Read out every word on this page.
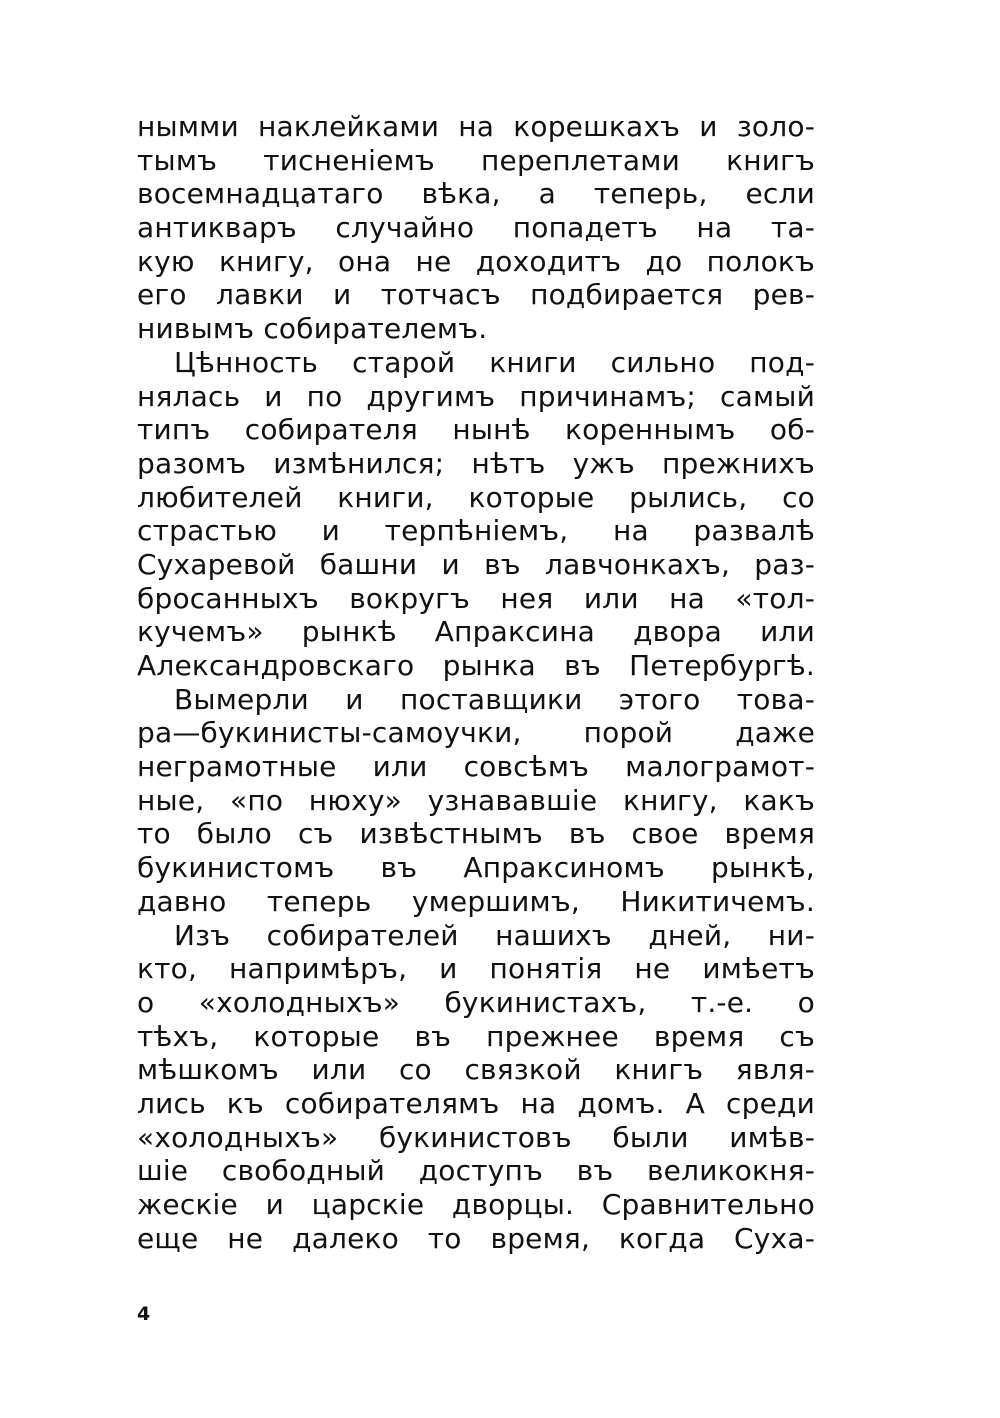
нымми наклейками на корешкахъ и золо-
тымъ тисненіемъ переплетами книгъ
восемнадцатаго вѣка, а теперь, если
антикваръ случайно попадетъ на та-
кую книгу, она не доходитъ до полокъ
его лавки и тотчасъ подбирается рев-
нивымъ собирателемъ.
Цѣнность старой книги сильно под-
нялась и по другимъ причинамъ; самый
типъ собирателя нынѣ кореннымъ об-
разомъ измѣнился; нѣтъ ужъ прежнихъ
любителей книги, которые рылись, со
страстью и терпѣніемъ, на развалѣ
Сухаревой башни и въ лавчонкахъ, раз-
бросанныхъ вокругъ нея или на «тол-
кучемъ» рынкѣ Апраксина двора или
Александровскаго рынка въ Петербургѣ.
Вымерли и поставщики этого това-
ра—букинисты-самоучки, порой даже
неграмотные или совсѣмъ малограмот-
ные, «по нюху» узнававшіе книгу, какъ
то было съ извѣстнымъ въ свое время
букинистомъ въ Апраксиномъ рынкѣ,
давно теперь умершимъ, Никитичемъ.
Изъ собирателей нашихъ дней, ни-
кто, напримѣръ, и понятія не имѣетъ
о «холодныхъ» букинистахъ, т.-е. о
тѣхъ, которые въ прежнее время съ
мѣшкомъ или со связкой книгъ явля-
лись къ собирателямъ на домъ. А среди
«холодныхъ» букинистовъ были имѣв-
шіе свободный доступъ въ великокня-
жескіе и царскіе дворцы. Сравнительно
еще не далеко то время, когда Суха-
4
